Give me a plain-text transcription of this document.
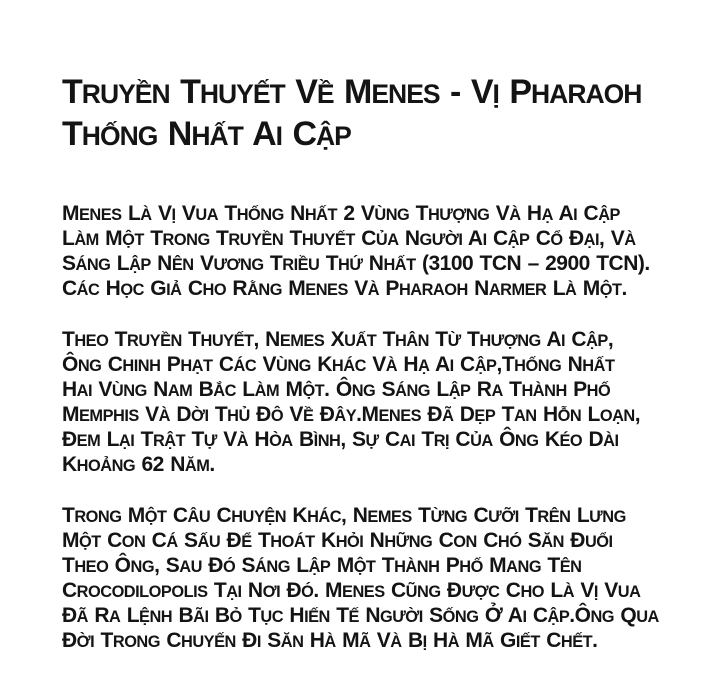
TRUYỀN THUYẾT VỀ MENES - VỊ PHARAOH
THỐNG NHẤT AI CẬP

MENES LÀ VỊ VUA THỐNG NHẤT 2 VÙNG THƯỢNG VÀ HẠ AI CẬP
LÀM MỘT TRONG TRUYỀN THUYẾT CỦA NGƯỜI AI CẬP CỔ ĐẠI, VÀ
SÁNG LẬP NÊN VƯƠNG TRIỀU THỨ NHẤT (3100 TCN – 2900 TCN).
CÁC HỌC GIẢ CHO RẰNG MENES VÀ PHARAOH NARMER LÀ MỘT.

THEO TRUYỀN THUYẾT, NEMES XUẤT THÂN TỪ THƯỢNG AI CẬP,
ÔNG CHINH PHẠT CÁC VÙNG KHÁC VÀ HẠ AI CẬP,THỐNG NHẤT
HAI VÙNG NAM BẮC LÀM MỘT. ÔNG SÁNG LẬP RA THÀNH PHỐ
MEMPHIS VÀ DỜI THỦ ĐÔ VỀ ĐÂY.MENES ĐÃ DẸP TAN HỖN LOẠN,
ĐEM LẠI TRẬT TỰ VÀ HÒA BÌNH, SỰ CAI TRỊ CỦA ÔNG KÉO DÀI
KHOẢNG 62 NĂM.

TRONG MỘT CÂU CHUYỆN KHÁC, NEMES TỪNG CƯỠI TRÊN LƯNG
MỘT CON CÁ SẤU ĐỂ THOÁT KHỎI NHỮNG CON CHÓ SĂN ĐUỔI
THEO ÔNG, SAU ĐÓ SÁNG LẬP MỘT THÀNH PHỐ MANG TÊN
CROCODILOPOLIS TẠI NƠI ĐÓ. MENES CŨNG ĐƯỢC CHO LÀ VỊ VUA
ĐÃ RA LỆNH BÃI BỎ TỤC HIẾN TẾ NGƯỜI SỐNG Ở AI CẬP.ÔNG QUA
ĐỜI TRONG CHUYẾN ĐI SĂN HÀ MÃ VÀ BỊ HÀ MÃ GIẾT CHẾT.
